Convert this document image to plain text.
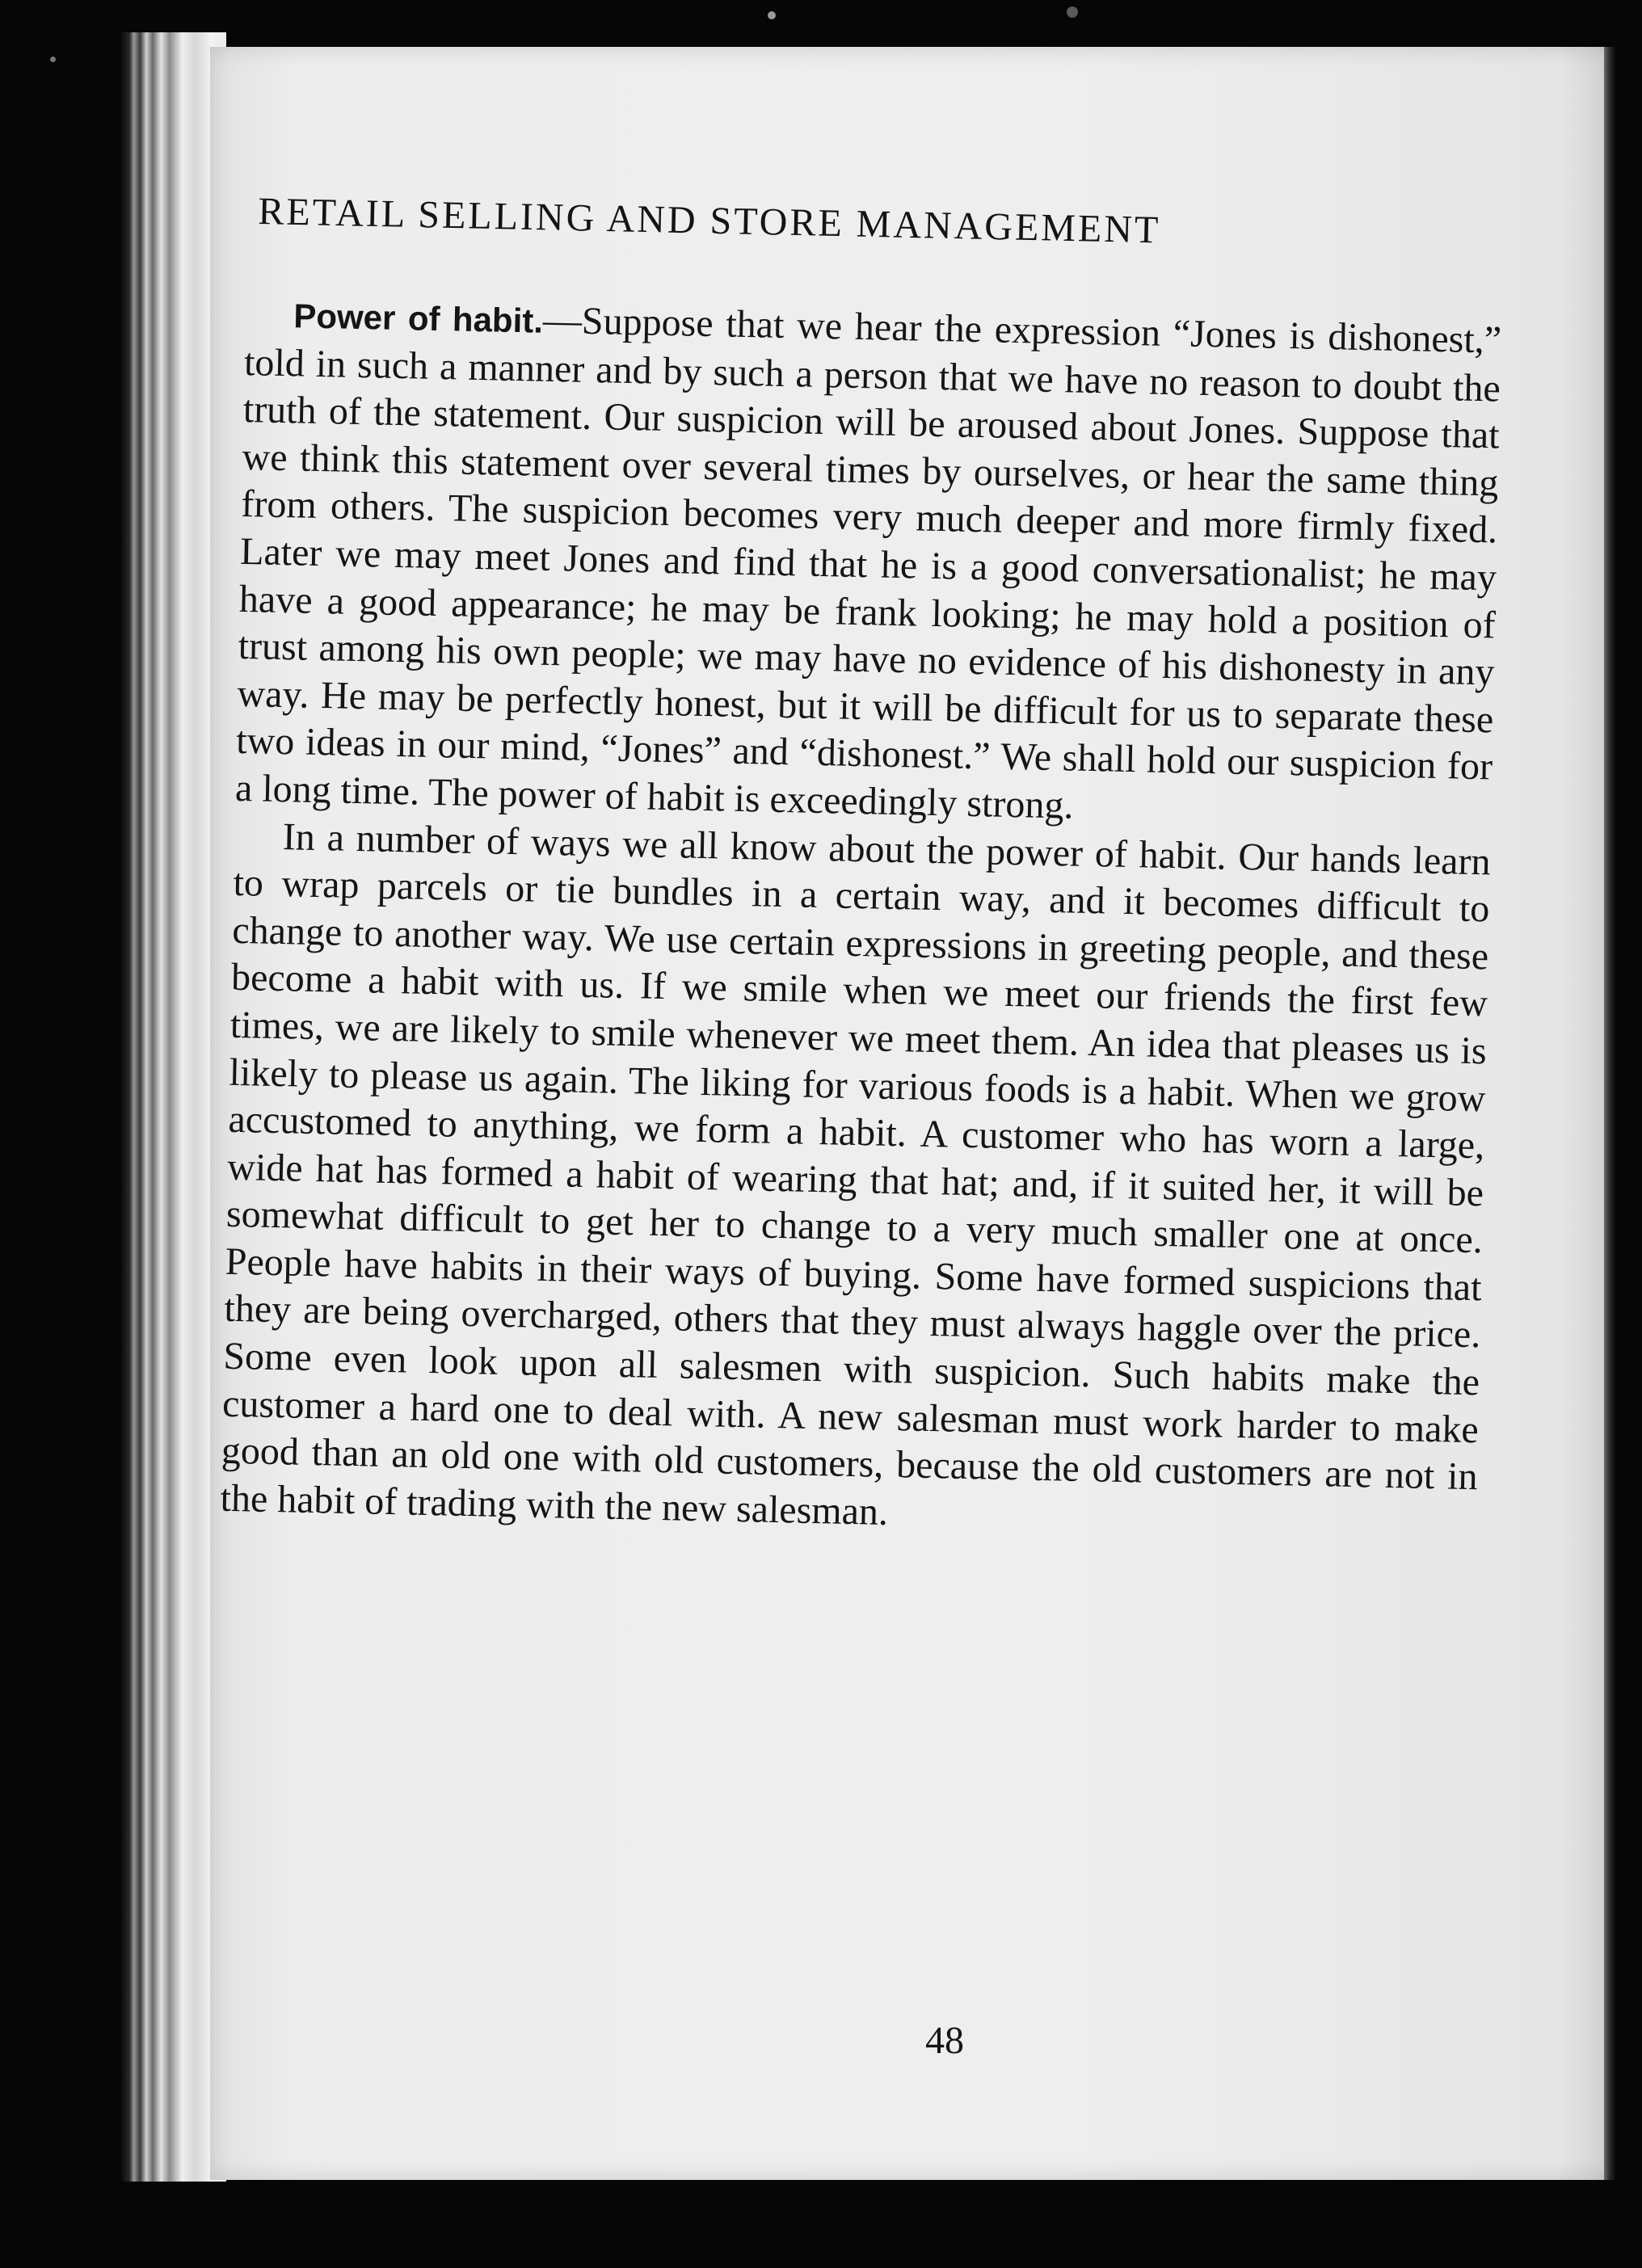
RETAIL SELLING AND STORE MANAGEMENT

Power of habit.—Suppose that we hear the expression “Jones is dishonest,” told in such a manner and by such a person that we have no reason to doubt the truth of the statement. Our suspicion will be aroused about Jones. Suppose that we think this statement over several times by ourselves, or hear the same thing from others. The suspicion becomes very much deeper and more firmly fixed. Later we may meet Jones and find that he is a good conversationalist; he may have a good appearance; he may be frank looking; he may hold a position of trust among his own people; we may have no evidence of his dishonesty in any way. He may be perfectly honest, but it will be difficult for us to separate these two ideas in our mind, “Jones” and “dishonest.” We shall hold our suspicion for a long time. The power of habit is exceedingly strong.

In a number of ways we all know about the power of habit. Our hands learn to wrap parcels or tie bundles in a certain way, and it becomes difficult to change to another way. We use certain expressions in greeting people, and these become a habit with us. If we smile when we meet our friends the first few times, we are likely to smile whenever we meet them. An idea that pleases us is likely to please us again. The liking for various foods is a habit. When we grow accustomed to anything, we form a habit. A customer who has worn a large, wide hat has formed a habit of wearing that hat; and, if it suited her, it will be somewhat difficult to get her to change to a very much smaller one at once. People have habits in their ways of buying. Some have formed suspicions that they are being overcharged, others that they must always haggle over the price. Some even look upon all salesmen with suspicion. Such habits make the customer a hard one to deal with. A new salesman must work harder to make good than an old one with old customers, because the old customers are not in the habit of trading with the new salesman.

48
